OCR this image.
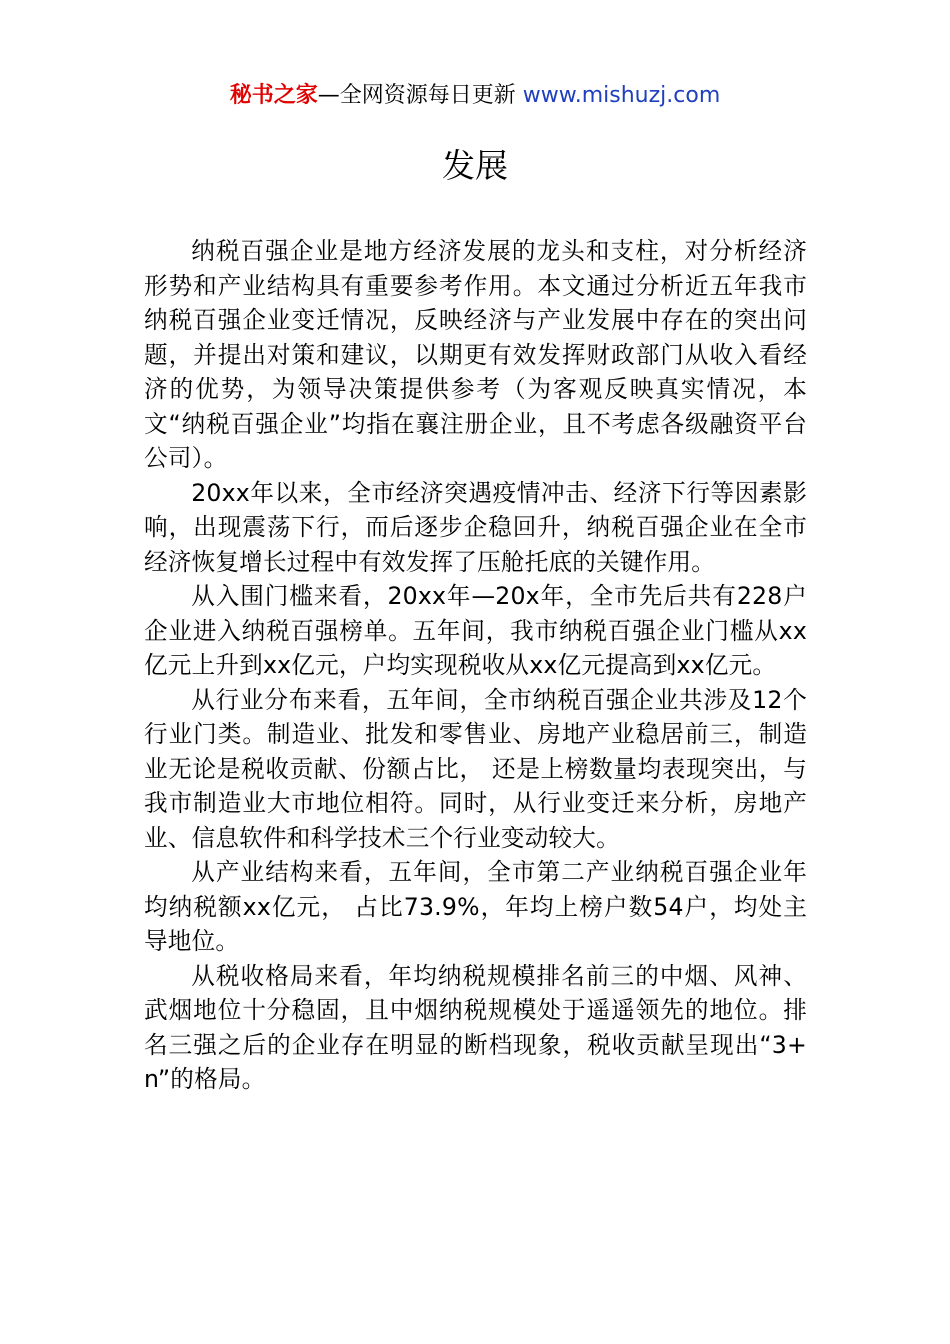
秘书之家—全网资源每日更新 www.mishuzj.com
发展

纳税百强企业是地方经济发展的龙头和支柱，对分析经济形势和产业结构具有重要参考作用。本文通过分析近五年我市纳税百强企业变迁情况，反映经济与产业发展中存在的突出问题，并提出对策和建议，以期更有效发挥财政部门从收入看经济的优势，为领导决策提供参考（为客观反映真实情况，本文“纳税百强企业”均指在襄注册企业，且不考虑各级融资平台公司）。

20xx年以来，全市经济突遇疫情冲击、经济下行等因素影响，出现震荡下行，而后逐步企稳回升，纳税百强企业在全市经济恢复增长过程中有效发挥了压舱托底的关键作用。

从入围门槛来看，20xx年—20x年，全市先后共有228户企业进入纳税百强榜单。五年间，我市纳税百强企业门槛从xx亿元上升到xx亿元，户均实现税收从xx亿元提高到xx亿元。

从行业分布来看，五年间，全市纳税百强企业共涉及12个行业门类。制造业、批发和零售业、房地产业稳居前三，制造业无论是税收贡献、份额占比， 还是上榜数量均表现突出，与我市制造业大市地位相符。同时，从行业变迁来分析，房地产业、信息软件和科学技术三个行业变动较大。

从产业结构来看，五年间，全市第二产业纳税百强企业年均纳税额xx亿元， 占比73.9%，年均上榜户数54户，均处主导地位。

从税收格局来看，年均纳税规模排名前三的中烟、风神、武烟地位十分稳固，且中烟纳税规模处于遥遥领先的地位。排名三强之后的企业存在明显的断档现象，税收贡献呈现出“3+n”的格局。
